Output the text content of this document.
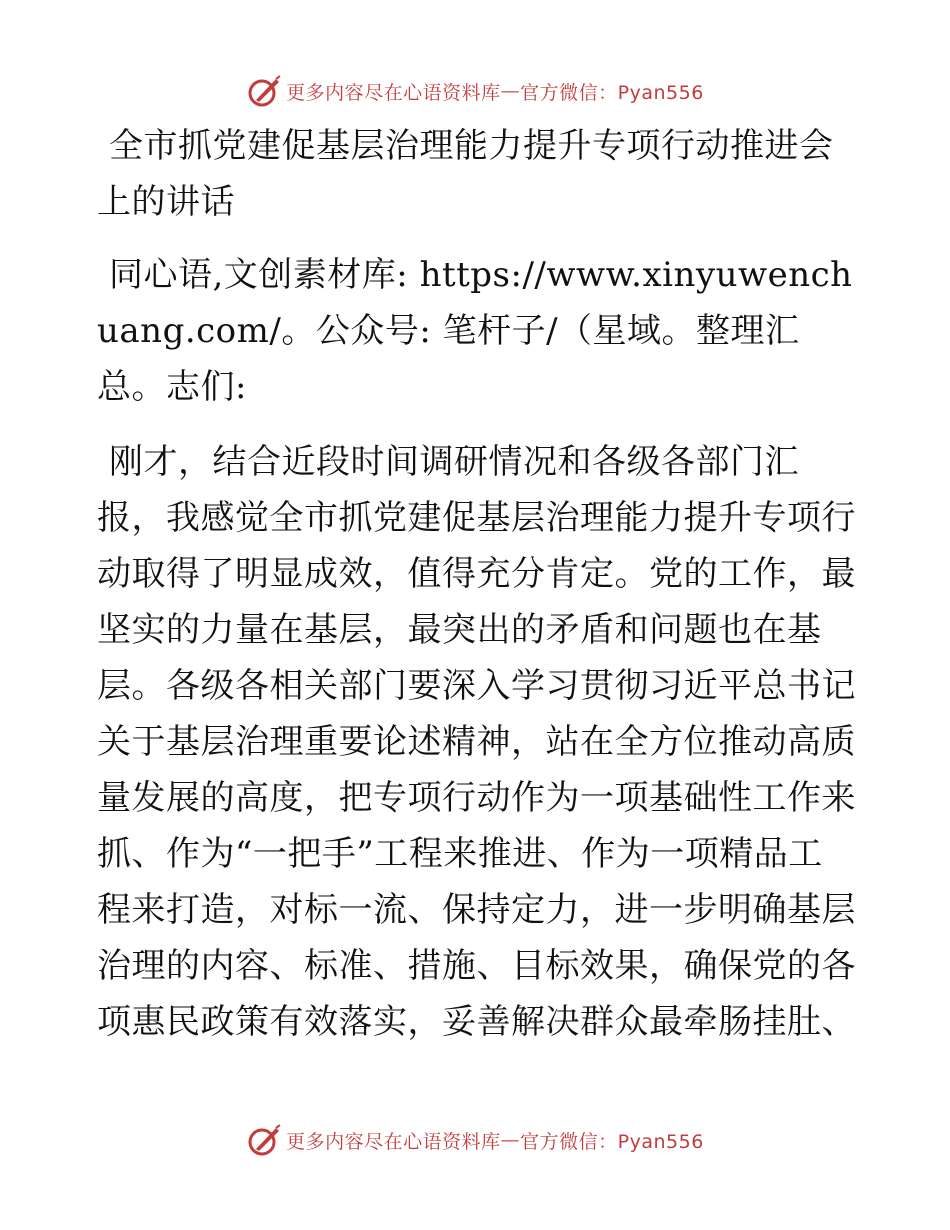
更多内容尽在心语资料库 — 官方微信：Pyan556

全市抓党建促基层治理能力提升专项行动推进会上的讲话

同心语,文创素材库: https://www.xinyuwenchuang.com/。公众号: 笔杆子/（星域。整理汇总。志们:

刚才，结合近段时间调研情况和各级各部门汇报，我感觉全市抓党建促基层治理能力提升专项行动取得了明显成效，值得充分肯定。党的工作，最坚实的力量在基层，最突出的矛盾和问题也在基层。各级各相关部门要深入学习贯彻习近平总书记关于基层治理重要论述精神，站在全方位推动高质量发展的高度，把专项行动作为一项基础性工作来抓、作为“一把手”工程来推进、作为一项精品工程来打造，对标一流、保持定力，进一步明确基层治理的内容、标准、措施、目标效果，确保党的各项惠民政策有效落实，妥善解决群众最牵肠挂肚、

更多内容尽在心语资料库 — 官方微信：Pyan556
